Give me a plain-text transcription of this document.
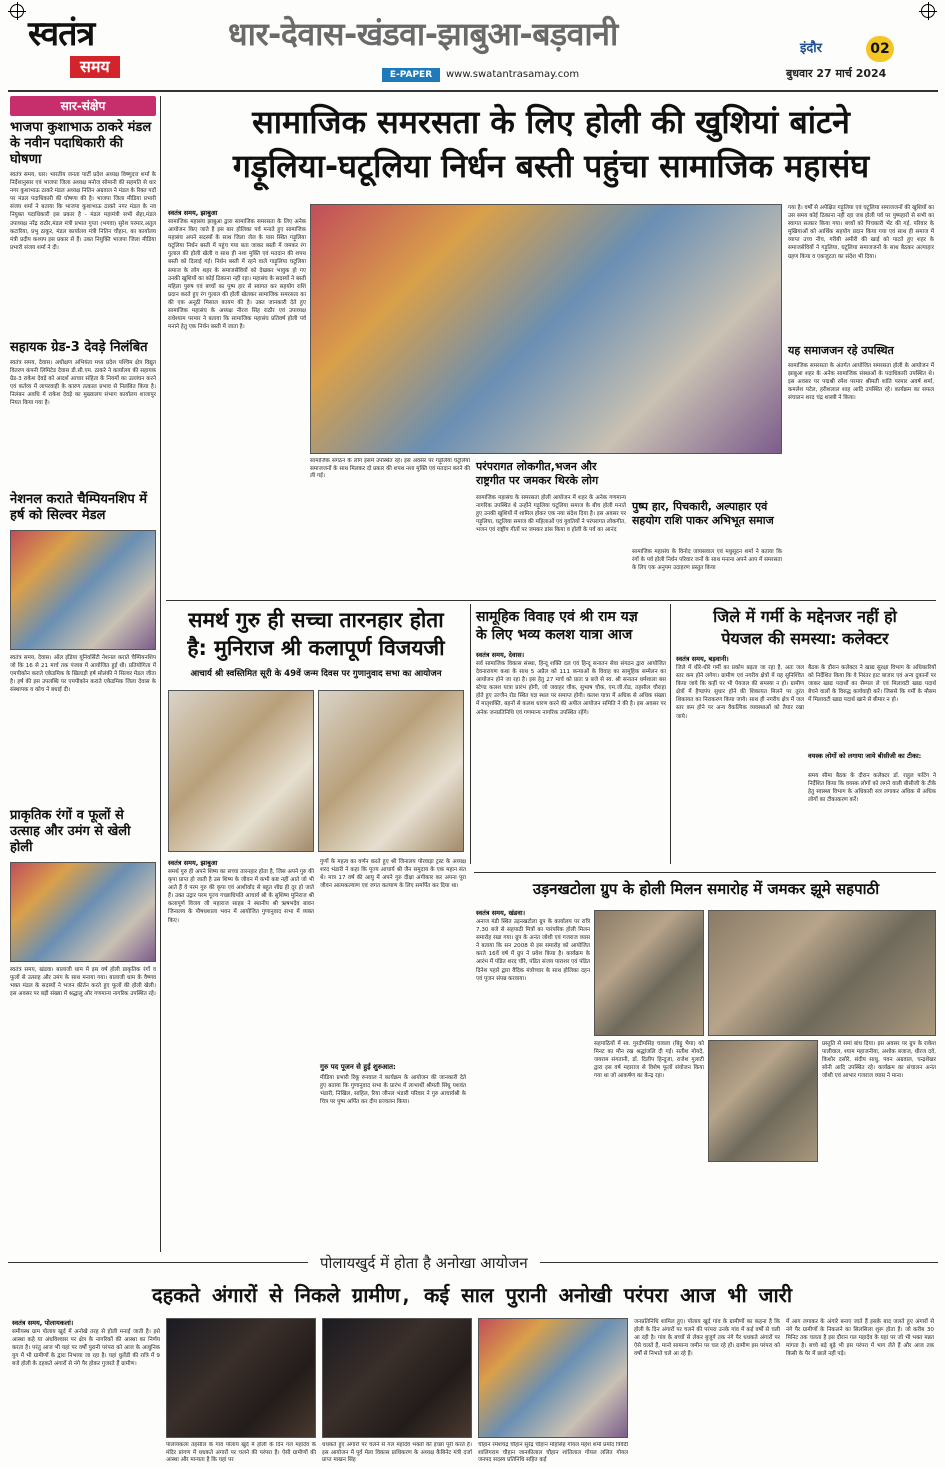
स्वतंत्र
समय
धार-देवास-खंडवा-झाबुआ-बड़वानी
E-PAPER	www.swatantrasamay.com
इंदौर	02
बुधवार 27 मार्च 2024
सार-संक्षेप
भाजपा कुशाभाऊ ठाकरे मंडल के नवीन पदाधिकारी की घोषणा
स्वतंत्र समय, धार। भारतीय जनता पार्टी प्रदेश अध्यक्ष विष्णुदत्त शर्मा के निर्देशानुसार एवं भाजपा जिला अध्यक्ष मनोज सोमानी की सहमति से धार नगर कुशाभाऊ ठाकरे मंडल अध्यक्ष नितिन अग्रवाल ने मंडल के रिक्त पदों पर मंडल पदाधिकारी की घोषणा की है। भाजपा जिला मीडिया प्रभारी संजय शर्मा ने बताया कि भाजपा कुशाभाऊ ठाकरे नगर मंडल के नव नियुक्त पदाधिकारी इस प्रकार है - मंडल महामंत्री सभी सेहा,मंडल उपाध्यक्ष नरेंद्र राठौर,मंडल मंत्री प्रभात गुप्ता (भगवा) सुरेश परमार,अतुल कटारिया, प्रभु ठाकुर, मंडल कार्यालय मंत्री नितिन चौहान, का कार्यालय मंत्री प्रदीप कश्यप इस प्रकार से हैं। उक्त नियुक्ति भाजपा जिला मीडिया प्रभारी संजय शर्मा ने दी।
सहायक ग्रेड-3 देवड़े निलंबित
स्वतंत्र समय, देवास। अधीक्षण अभियंता मध्य प्रदेश पश्चिम क्षेत्र विद्युत वितरण कंपनी लिमिटेड देवास डी.सी.एम. ठाकरे ने कार्यालय की सहायक ग्रेड-3 राकेश देवड़े को आदर्श आचार संहिता के नियमों का उल्लंघन करने एवं कर्तव्य में लापरवाही के कारण तत्काल प्रभाव से निलंबित किया है। निलंबन अवधि में राकेश देवड़े का मुख्यालय संभाग कार्यालय शाजापुर नियत किया गया है।
नेशनल कराते चैम्पियनशिप में हर्ष को सिल्वर मेडल
स्वतंत्र समय, देवास। ऑल इंडिया यूनिवर्सिटी नेशनल कराते चैम्पियनशिप जो कि 16 से 21 मार्च तक पंजाब में आयोजित हुई थी। प्रतियोगिता में एमपीकोन कराते एकेडमिक के खिलाड़ी हर्ष सोलंकी ने सिल्वर मेडल जीता है। हर्ष की इस उपलब्धि पर एमपीकोन कराते एकेडमिक जिला देवास के संस्थापक व कोच ने बधाई दी।
प्राकृतिक रंगों व फूलों से उत्साह और उमंग से खेली होली
स्वतंत्र समय, खंडवा। बालाजी धाम में इस वर्ष होली प्राकृतिक रंगों व फूलों से उत्साह और उमंग के साथ मनाया गया। बालाजी धाम के वैष्णव भक्त मंडल के सदस्यों ने भजन कीर्तन करते हुए फूलों की होली खेली। इस अवसर पर बड़ी संख्या में श्रद्धालु और गणमान्य नागरिक उपस्थित रहे।
सामाजिक समरसता के लिए होली की खुशियां बांटने
गड़ूलिया-घटूलिया निर्धन बस्ती पहुंचा सामाजिक महासंघ
स्वतंत्र समय, झाबुआ
सामाजिक महासंघ झाबुआ द्वारा सामाजिक समरसता के लिए अनेक आयोजन किए जाते है इस बार होलिका पर्व मनाते हुए सामाजिक महासंघ अपने सदस्यों के साथ जिला जेल के पास स्थित गड़ूलिया घटूलिया निर्धन बस्ती में पहुंच गया बता जाकर बस्ती में जमकर रंग गुलाल की होली खेली व साथ ही नशा मुक्ति एवं मतदान की शपथ बस्ती को दिलाई गई। निर्धन बस्ती में रहने वाले गाड़ूलिया घटूलिया समाज के लोग शहर के समाजसेवियों को देखकर भावुक हो गए उनकी खुशियों का कोई ठिकाना नहीं रहा। महासंघ के सदस्यों ने बस्ती महिला पुरुष एवं बच्चों का पुष्प हार से स्वागत कर सहयोग राशि प्रदान करते हुए रंग गुलाल की होली खेलकर सामाजिक समरसता का की एक अनूठी मिसाल कायम की है। उक्त जानकारी देते हुए सामाजिक महासंघ के अध्यक्ष नीरज सिंह राठौर एवं उपाध्यक्ष राधेश्याम परमार ने बताया कि सामाजिक महासंघ प्रतिवर्ष होली पर्व मनाने हेतु एक निर्धन बस्ती में जाता है।
सामाजिक संगठन के लोग इसमें उपस्थित रहे। इस अवसर पर गड़ूलिया घटूलिया समाजजनों के साथ मिलकर दो प्रकार की शपथ नशा मुक्ति एवं मतदान करने की ली गई।
गया है। वर्षों से अपेक्षित गड़ूलिया एवं घटूलिया समाजजनों की खुशियों का उस समय कोई ठिकाना नहीं रहा जब होली पर्व पर पुष्पहारों से सभी का स्वागत सत्कार किया गया। बच्चों को पिचकारी भेंट की गई, परिवार के मुखियाओं को आर्थिक सहयोग प्रदान किया गया एवं साथ ही समाज में व्याप्त उच्च नीच, गरीबी अमीरी की खाई को पाटते हुए शहर के समाजसेवियों ने गड़ूलिया, घटूलिया समाजजनों के साथ बैठकर अल्पाहार ग्रहण किया व एकजुटता का संदेश भी दिया।
यह समाजजन रहे उपस्थित
सामाजिक समरसता के अंतर्गत आयोजित समरसता होली के आयोजन में झाबुआ शहर के अनेक सामाजिक संस्थाओं के पदाधिकारी उपस्थित थे। इस अवसर पर पद्मश्री रमेश परमार श्रीमती शांति परमार अवर्ष शर्मा, कमलेश पटेल, हरीशलाल शाह आदि उपस्थित रहे। कार्यक्रम का सफल संचालन शरद चंद्र शास्त्री ने किया।
परंपरागत लोकगीत,भजन और राष्ट्रगीत पर जमकर थिरके लोग
सामाजिक महासंघ के समरसता होली आयोजन में शहर के अनेक गणमान्य नागरिक उपस्थित थे उन्होंने गड़ूलिया घटूलिया समाज के बीच होली मनाते हुए उनकी खुशियों में शामिल होकर एक नया संदेश दिया है। इस अवसर पर गड़ूलिया, घटूलिया समाज की महिलाओं एवं युवतियों ने परंपरागत लोकगीत, भजन एवं राष्ट्रीय गीतों पर जमकर डांस किया व होली के पर्व का आनंद
पुष्प हार, पिचकारी, अल्पाहार एवं सहयोग राशि पाकर अभिभूत समाज
सामाजिक महासंघ के विनोद जायसवाल एवं मधुसूदन शर्मा ने बताया कि रंगों के पर्व होली निर्धन परिवार जनों के साथ मनाना अपने आप में समरसता के लिए एक अनुपम उदाहरण प्रस्तुत किया
समर्थ गुरु ही सच्चा तारनहार होता
है: मुनिराज श्री कलापूर्ण विजयजी
आचार्य श्री स्वस्तिमित सूरी के 49वें जन्म दिवस पर गुणानुवाद सभा का आयोजन
स्वतंत्र समय, झाबुआ
समर्थ गुरु ही अपने शिष्य का सच्चा तारनहार होता है, जिस अपने गुरु की कृपा प्राप्त हो जाती है उस शिष्य के जीवन में कभी कष्ट नहीं आते जो भी आते हैं वे परम गुरु की कृपा एवं आशीर्वाद से बहुत शीघ्र ही दूर हो जाते हैं। उक्त उद्गार परम पूज्य गच्छाधिपति आचार्य श्री के सुशिष्य मुनिराज श्री कलापूर्ण विजय जी महाराज साहब ने स्थानीय श्री ऋषभदेव बावन जिनालय के पौषधशाला भवन में आयोजित गुणानुवाद सभा में व्यक्त किए।
गुणों के महत्व का वर्णन करते हुए श्री जिनालय पोरवाड़ा ट्रस्ट के अध्यक्ष शरद भंडारी ने कहा कि पूज्य आचार्य श्री जैन समुदाय के एक महान संत थे। मात्र 17 वर्ष की आयु में अपने गुरु दीक्षा अंगीकार कर अपना पूरा जीवन आत्मकल्याण एवं जगत कल्याण के लिए समर्पित कर दिया था।
गुरु पद पूजन से हुई शुरुआत:
मीडिया प्रभारी रिंकू रुनवाल ने कार्यक्रम के आयोजन की जानकारी देते हुए बताया कि गुणानुवाद सभा के प्रारंभ में लाभार्थी श्रीमती सिंधु यशवंत भंडारी, निखिल, साहिल, रिया जीनल भंडारी परिवार ने गुरु आचार्यश्री के चित्र पर पुष्प अर्पित कर दीप प्रज्वलन किया।
सामूहिक विवाह एवं श्री राम यज्ञ
के लिए भव्य कलश यात्रा आज
स्वतंत्र समय, देवास।
सर्व सामाजिक विकास संस्था, हिन्दू शक्ति दल एवं हिन्दू सनातन सेवा संगठन द्वारा आयोजित देवनारायण कथा के साथ 5 अप्रैल को 111 कन्याओं के विवाह का सामूहिक सम्मेलन का आयोजन होने जा रहा है। इस हेतु 27 मार्च को प्रातः 9 बजे से स्व. श्री सनातन धर्मशाला बस स्टेण्ड कलश यात्रा प्रारंभ होगी, जो जवाहर चौक, सुभाष चौक, एम.जी.रोड, तहसील चौराहा होते हुए उज्जैन रोड स्थित यज्ञ स्थल पर समाप्त होगी। कलश यात्रा में अधिक से अधिक संख्या में मातृशक्ति, बहनों से कलश धारण करने की अपील आयोजन समिति ने की है। इस अवसर पर अनेक जनप्रतिनिधि एवं गणमान्य नागरिक उपस्थित रहेंगे।
जिले में गर्मी के मद्देनजर नहीं हो
पेयजल की समस्या: कलेक्टर
स्वतंत्र समय, बड़वानी।
जिले में धीरे-धीरे गर्मी का प्रकोप बढ़ता जा रहा है, अतः जल स्तर कम होने लगेगा। ग्रामीण एवं नगरीय क्षेत्रों में यह सुनिश्चित किया जाये कि कहीं पर भी पेयजल की समस्या न हो। ग्रामीण क्षेत्रों में हैण्डपंप सुधार होने की शिकायत मिलने पर तुरंत शिकायत का निराकरण किया जाये। साथ ही नगरीय क्षेत्र में जल स्तर कम होने पर अन्य वैकल्पिक व्यवस्थाओं को तैयार रखा जाये।
बैठक के दौरान कलेक्टर ने खाद्य सुरक्षा विभाग के अधिकारियों को निर्देशित किया कि वे निरंतर हाट बाजार एवं अन्य दुकानों पर जाकर खाद्य पदार्थों का सैम्पल ले एवं मिलावटी खाद्य पदार्थ बेचने वालों के विरुद्ध कार्यवाही करें। जिससे कि गर्मी के मौसम में मिलावटी खाद्य पदार्थ खाने से बीमार न हो।
वयस्क लोगों को लगाया जाये बीसीजी का टीका:
समय सीमा बैठक के दौरान कलेक्टर डॉ. राहुल फटिंग ने निर्देशित किया कि वयस्क लोगों को लगने वाली बीसीजी के टीके हेतु स्वास्थ्य विभाग के अधिकारी सत्र लगाकर अधिक से अधिक लोगों का टीकाकरण करें।
उड़नखटोला ग्रुप के होली मिलन समारोह में जमकर झूमे सहपाठी
स्वतंत्र समय, खंडवा।
अनाज मंडी स्थित उड़नखटोला ग्रुप के कार्यालय पर रात्रि 7.30 बजे से सहपाठी मित्रों का पारंपरिक होली मिलन समारोह रखा गया। ग्रुप के अनंत जोशी एवं गजराज व्यास ने बताया कि सन 2008 से इस समारोह को आयोजित करते 16वें वर्ष में ग्रुप ने प्रवेश किया है। कार्यक्रम के आरंभ में पंडित शरद चौरे, पंडित संजय पाराशर एवं पंडित दिनेश पहारे द्वारा वैदिक मंत्रोच्चार के साथ होलिका दहन एवं पूजन संपन्न करवाया।
सहपाठियों में स्व. गुरदीपसिंह चावला (बिट्टू भैया) को मिनट का मौन रख श्रद्धांजलि दी गई। सतीश मोयदे, जयराम संगतानी, डॉ. दिलीप हिन्दुजा, राजेश गुलाटी द्वारा इस वर्ष महाराज से विशेष फूलों संयोजन किया गया था जो आकर्षण का केन्द्र रहा।
प्रस्तुति से समां बांध दिया। इस अवसर पर ग्रुप के राकेश पालीवाल, श्याम महाजनीया, अशोक बजाज, धीरज दवे, किशोर दसोरे, संदीप साधु, पवन अग्रवाल, चन्द्रशेखर सोनी आदि उपस्थित रहे। कार्यक्रम का संचालन अनंत जोशी एवं आभार गजराज व्यास ने माना।
पोलायखुर्द में होता है अनोखा आयोजन
दहकते अंगारों से निकले ग्रामीण, कई साल पुरानी अनोखी परंपरा आज भी जारी
स्वतंत्र समय, पोलायकलां।
समीपस्थ ग्राम पोलाय खुर्द में अनोखे तरह से होली मनाई जाती है। इसे आस्था कहे या अंधविश्वास पर क्षेत्र के नागरिकों की आस्था का निर्णय करता है। परंतु आज भी यहां पर वर्षों पुरानी परंपरा को आज के आधुनिक युग में भी ग्रामीणों के द्वारा निभाया जा रहा है। यहां धुलेंडी की रात्रि में 9 बजे होली के दहकते अंगारों से नंगे पैर होकर गुजरते हैं ग्रामीण।
पोलायकलां तहसील के गांव पोलाय खुर्द में होली के दिन गल महादेव के मंदिर प्रांगण में धधकते अंगारों पर चलने की परंपरा है। ऐसी ग्रामीणों की आस्था और मान्यता है कि यहां पर
धधकते हुए अंगारों पर चलने से गल महादेव भक्तों की इच्छा पूरी करते हैं। इस आयोजन में पूर्व मेला विकास प्राधिकरण के अध्यक्ष कैबिनेट मंत्री दर्जा प्राप्त माखन सिंह
चौहान रमेशचंद्र चौहान सुरेंद्र चौहान मोहसिंह गोयल महेश शर्मा प्रमोद त्रिवेदी शालिगराम चौहान जानकीलाल चौहान शांतिलाल गोयल ललित गोयल जनपद सदस्य प्रतिनिधि सहित कई
जनप्रतिनिधि शामिल हुए। पोलाय खुर्द गांव के ग्रामीणों का कहना है कि होली के दिन अंगारों पर चलने की परंपरा उनके गांव में कई वर्षों से चली आ रही है। गांव के बच्चों से लेकर बुजुर्ग तक नंगे पैर धधकते अंगारों पर ऐसे चलते हैं, मानो सामान्य जमीन पर चल रहे हों। ग्रामीण इस परंपरा को वर्षों से निभाते चले आ रहे हैं।
में आग लगाकर के अंगारे बनाए जाते हैं इसके बाद जलते हुए अंगारों से नंगे पैर ग्रामीणों के निकलने का सिलसिला शुरू होता है। जो करीब 30 मिनिट तक चलता है इस दौरान गल महादेव के यहां पर जो भी भक्त मन्नत मांगता है। बच्चे बड़े बूढ़े भी इस परंपरा में भाग लेते हैं और आज तक किसी के पैर में छाले नहीं पड़े।
